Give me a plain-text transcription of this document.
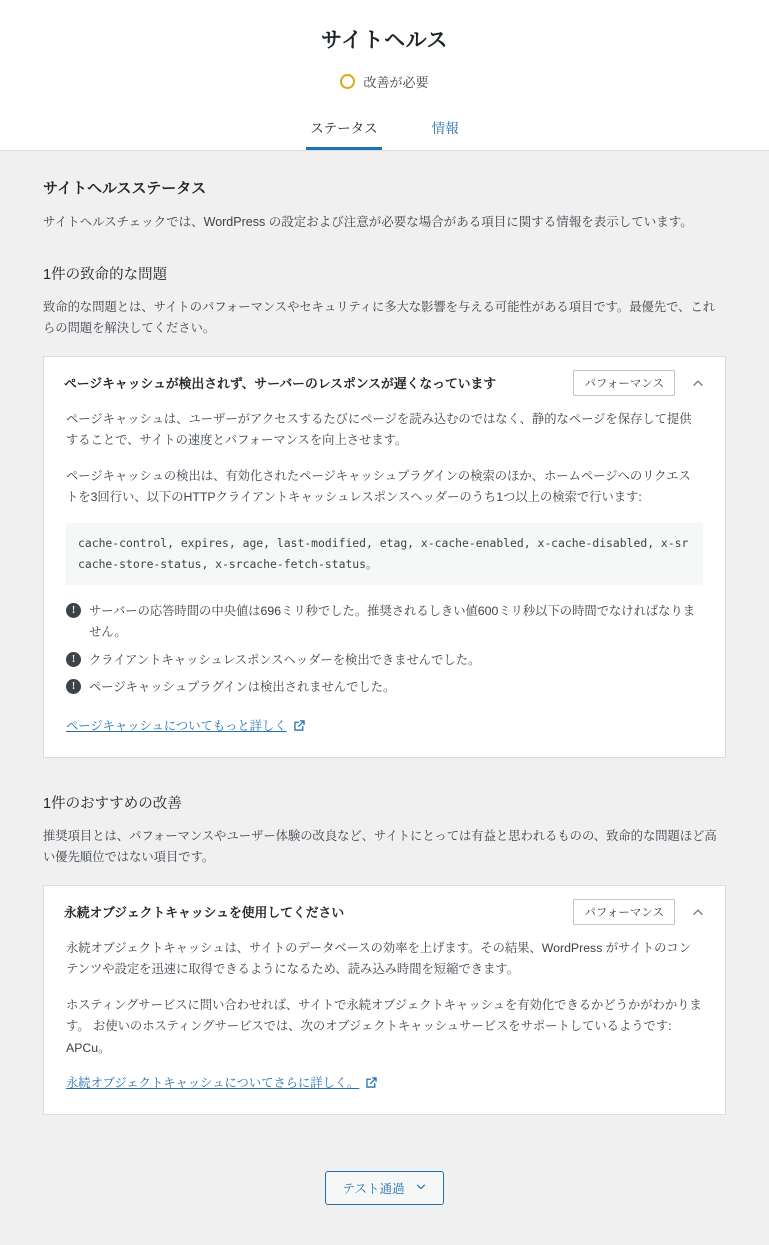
サイトヘルス
改善が必要
ステータス	情報
サイトヘルスステータス

サイトヘルスチェックでは、WordPress の設定および注意が必要な場合がある項目に関する情報を表示しています。

1件の致命的な問題

致命的な問題とは、サイトのパフォーマンスやセキュリティに多大な影響を与える可能性がある項目です。最優先で、これらの問題を解決してください。

ページキャッシュが検出されず、サーバーのレスポンスが遅くなっています	パフォーマンス

ページキャッシュは、ユーザーがアクセスするたびにページを読み込むのではなく、静的なページを保存して提供することで、サイトの速度とパフォーマンスを向上させます。

ページキャッシュの検出は、有効化されたページキャッシュプラグインの検索のほか、ホームページへのリクエストを3回行い、以下のHTTPクライアントキャッシュレスポンスヘッダーのうち1つ以上の検索で行います:

cache-control, expires, age, last-modified, etag, x-cache-enabled, x-cache-disabled, x-srcache-store-status, x-srcache-fetch-status。
!	サーバーの応答時間の中央値は696ミリ秒でした。推奨されるしきい値600ミリ秒以下の時間でなければなりません。
!	クライアントキャッシュレスポンスヘッダーを検出できませんでした。
!	ページキャッシュプラグインは検出されませんでした。
ページキャッシュについてもっと詳しく
1件のおすすめの改善

推奨項目とは、パフォーマンスやユーザー体験の改良など、サイトにとっては有益と思われるものの、致命的な問題ほど高い優先順位ではない項目です。

永続オブジェクトキャッシュを使用してください	パフォーマンス

永続オブジェクトキャッシュは、サイトのデータベースの効率を上げます。その結果、WordPress がサイトのコンテンツや設定を迅速に取得できるようになるため、読み込み時間を短縮できます。

ホスティングサービスに問い合わせれば、サイトで永続オブジェクトキャッシュを有効化できるかどうかがわかります。 お使いのホスティングサービスでは、次のオブジェクトキャッシュサービスをサポートしているようです: APCu。

永続オブジェクトキャッシュについてさらに詳しく。
テスト通過
